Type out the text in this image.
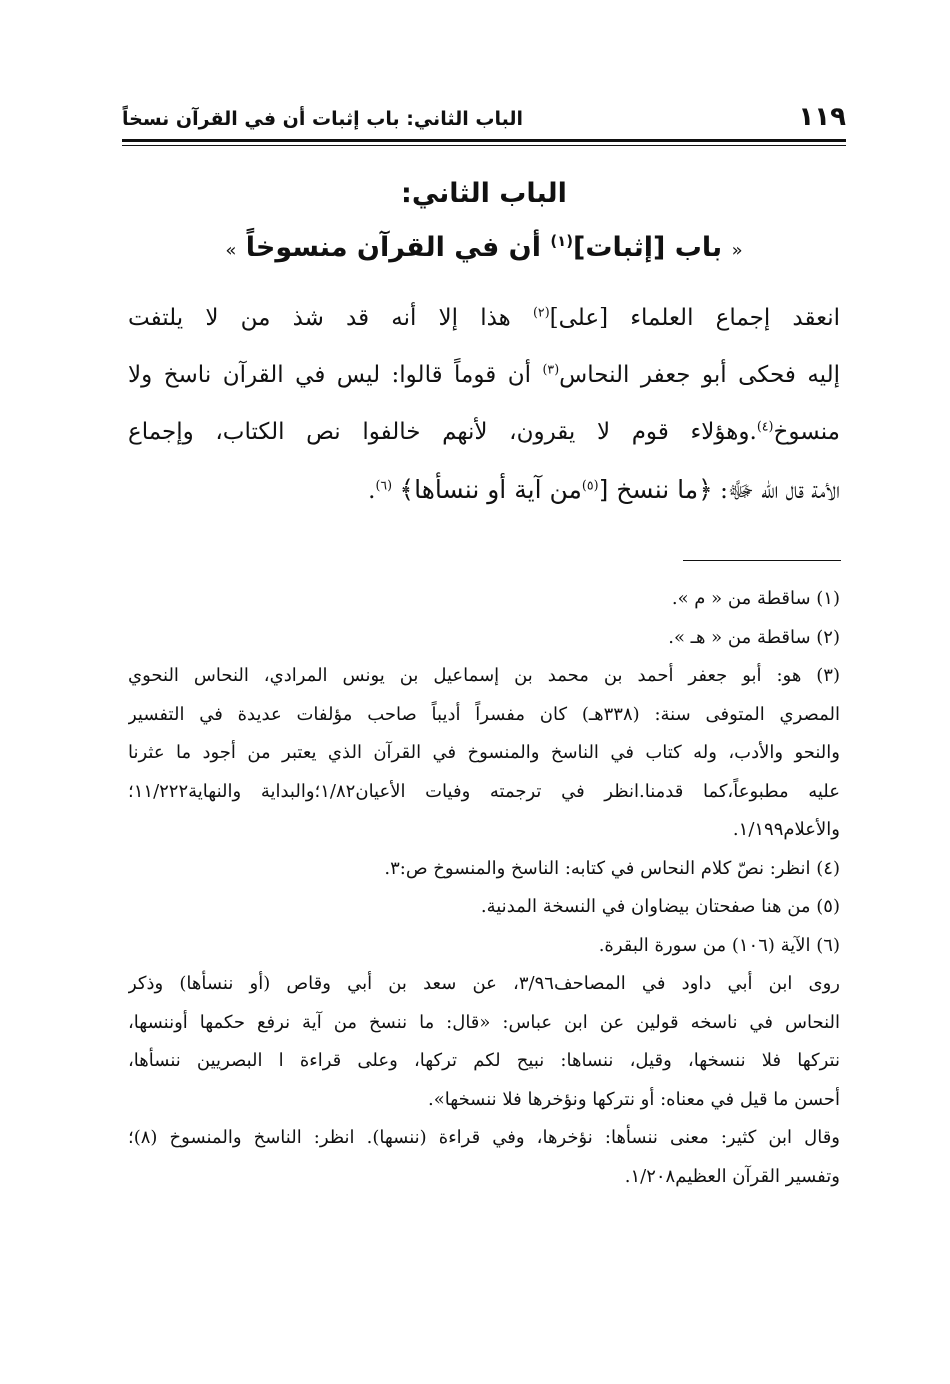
الباب الثاني: باب إثبات أن في القرآن نسخاً	١١٩
الباب الثاني:
« باب [إثبات]$^{(١)}$ أن في القرآن منسوخاً »
انعقد إجماع العلماء [على]$^{(٢)}$ هذا إلا أنه قد شذ من لا يلتفت
إليه فحكى أبو جعفر النحاس$^{(٣)}$ أن قوماً قالوا: ليس في القرآن ناسخ ولا
منسوخ$^{(٤)}$.وهؤلاء قوم لا يقرون، لأنهم خالفوا نص الكتاب، وإجماع
الأمة قال الله ﷻ: ﴿ما ننسخ [$^{(٥)}$من آية أو ننسأها﴾ $^{(٦)}$.
(١) ساقطة من « م ».
(٢) ساقطة من « هـ ».
(٣) هو: أبو جعفر أحمد بن محمد بن إسماعيل بن يونس المرادي، النحاس النحوي
المصري المتوفى سنة: (٣٣٨هـ) كان مفسراً أديباً صاحب مؤلفات عديدة في التفسير
والنحو والأدب، وله كتاب في الناسخ والمنسوخ في القرآن الذي يعتبر من أجود ما عثرنا
عليه مطبوعاً،كما قدمنا.انظر في ترجمته وفيات الأعيان١/٨٢؛والبداية والنهاية١١/٢٢٢؛
والأعلام١/١٩٩.
(٤) انظر: نصّ كلام النحاس في كتابه: الناسخ والمنسوخ ص:٣.
(٥) من هنا صفحتان بيضاوان في النسخة المدنية.
(٦) الآية (١٠٦) من سورة البقرة.
روى ابن أبي داود في المصاحف٣/٩٦، عن سعد بن أبي وقاص (أو ننسأها) وذكر
النحاس في ناسخه قولين عن ابن عباس: «قال: ما ننسخ من آية نرفع حكمها أوننسها،
نتركها فلا ننسخها، وقيل، ننساها: نبيح لكم تركها، وعلى قراءة ا البصريين ننسأها،
أحسن ما قيل في معناه: أو نتركها ونؤخرها فلا ننسخها».
وقال ابن كثير: معنى ننسأها: نؤخرها، وفي قراءة (ننسها). انظر: الناسخ والمنسوخ (٨)؛
وتفسير القرآن العظيم١/٢٠٨.
